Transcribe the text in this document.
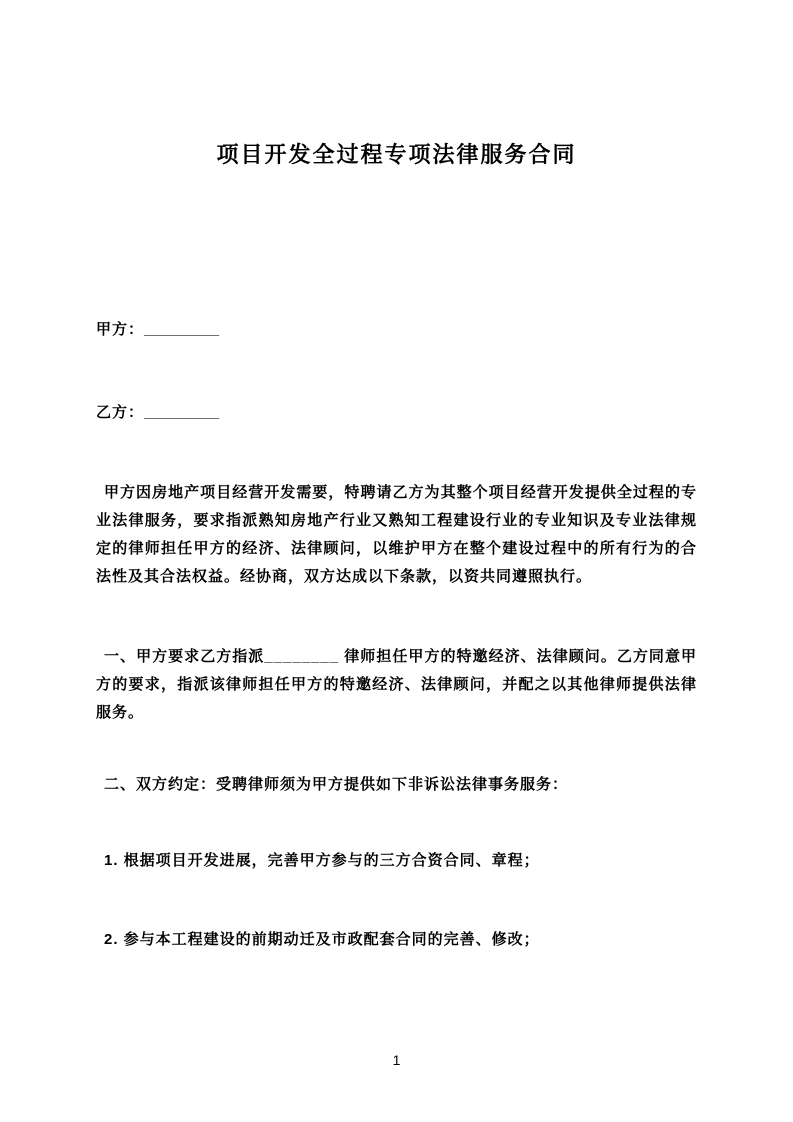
项目开发全过程专项法律服务合同

甲方：_________

乙方：_________

甲方因房地产项目经营开发需要，特聘请乙方为其整个项目经营开发提供全过程的专业法律服务，要求指派熟知房地产行业又熟知工程建设行业的专业知识及专业法律规定的律师担任甲方的经济、法律顾问，以维护甲方在整个建设过程中的所有行为的合法性及其合法权益。经协商，双方达成以下条款，以资共同遵照执行。

一、甲方要求乙方指派________ 律师担任甲方的特邀经济、法律顾问。乙方同意甲方的要求，指派该律师担任甲方的特邀经济、法律顾问，并配之以其他律师提供法律服务。

二、双方约定：受聘律师须为甲方提供如下非诉讼法律事务服务：

1. 根据项目开发进展，完善甲方参与的三方合资合同、章程；

2. 参与本工程建设的前期动迁及市政配套合同的完善、修改；

1
